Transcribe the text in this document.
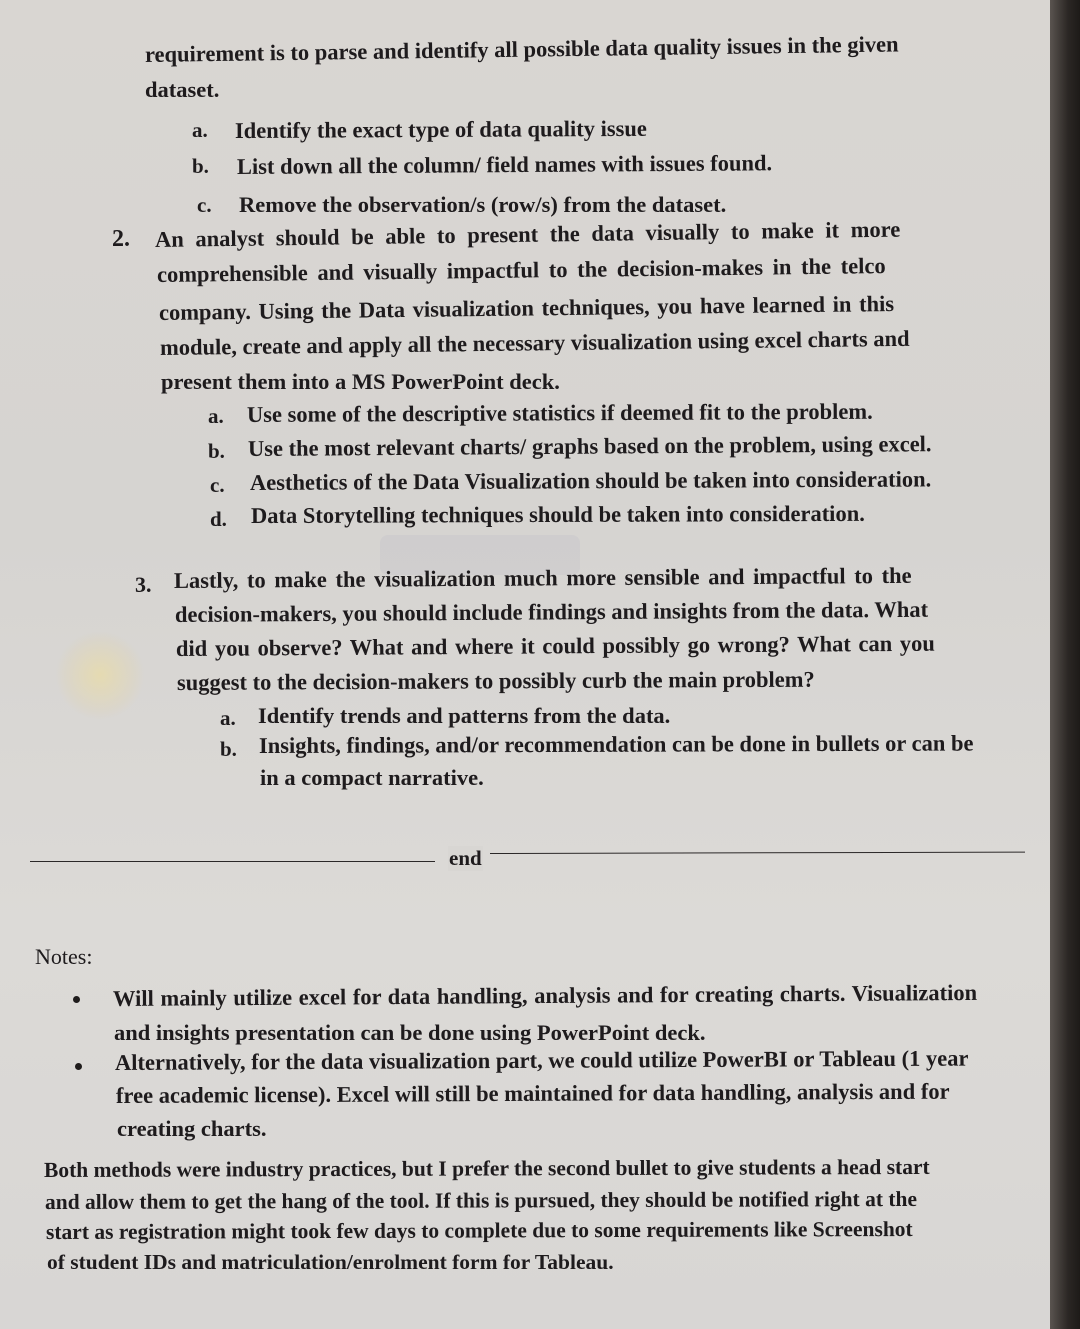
requirement is to parse and identify all possible data quality issues in the given
dataset.
a. Identify the exact type of data quality issue
b. List down all the column/ field names with issues found.
c. Remove the observation/s (row/s) from the dataset.
2. An analyst should be able to present the data visually to make it more
comprehensible and visually impactful to the decision-makes in the telco
company. Using the Data visualization techniques, you have learned in this
module, create and apply all the necessary visualization using excel charts and
present them into a MS PowerPoint deck.
a. Use some of the descriptive statistics if deemed fit to the problem.
b. Use the most relevant charts/ graphs based on the problem, using excel.
c. Aesthetics of the Data Visualization should be taken into consideration.
d. Data Storytelling techniques should be taken into consideration.
3. Lastly, to make the visualization much more sensible and impactful to the
decision-makers, you should include findings and insights from the data. What
did you observe? What and where it could possibly go wrong? What can you
suggest to the decision-makers to possibly curb the main problem?
a. Identify trends and patterns from the data.
b. Insights, findings, and/or recommendation can be done in bullets or can be
in a compact narrative.
end
Notes:
Will mainly utilize excel for data handling, analysis and for creating charts. Visualization
and insights presentation can be done using PowerPoint deck.
Alternatively, for the data visualization part, we could utilize PowerBI or Tableau (1 year
free academic license). Excel will still be maintained for data handling, analysis and for
creating charts.
Both methods were industry practices, but I prefer the second bullet to give students a head start
and allow them to get the hang of the tool. If this is pursued, they should be notified right at the
start as registration might took few days to complete due to some requirements like Screenshot
of student IDs and matriculation/enrolment form for Tableau.
